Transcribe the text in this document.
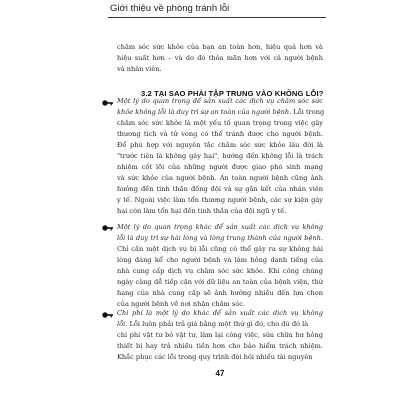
Giới thiệu về phòng tránh lỗi
chăm sóc sức khỏe của bạn an toàn hơn, hiệu quả hơn và
hiệu suất hơn – và do đó thỏa mãn hơn với cả người bệnh
và nhân viên.
3.2 TẠI SAO PHẢI TẬP TRUNG VÀO KHÔNG LỖI?
Một lý do quan trọng để sản xuất các dịch vụ chăm sóc sức
khỏe không lỗi là duy trì sự an toàn của người bệnh. Lỗi trong
chăm sóc sức khỏe là một yếu tố quan trọng trong việc gây
thương tích và tử vong có thể tránh được cho người bệnh.
Để phù hợp với nguyên tắc chăm sóc sức khỏe lâu đời là
"trước tiên là không gây hại", hướng đến không lỗi là trách
nhiệm cốt lõi của những người được giao phó sinh mạng
và sức khỏe của người bệnh. An toàn người bệnh cũng ảnh
hưởng đến tinh thần đồng đội và sự gắn kết của nhân viên
y tế. Ngoài việc làm tổn thương người bệnh, các sự kiện gây
hại còn làm tổn hại đến tinh thần của đội ngũ y tế.
Một lý do quan trọng khác để sản xuất các dịch vụ không
lỗi là duy trì sự hài lòng và lòng trung thành của người bệnh.
Chỉ cần một dịch vụ bị lỗi cũng có thể gây ra sự không hài
lòng đáng kể cho người bệnh và làm hỏng danh tiếng của
nhà cung cấp dịch vụ chăm sóc sức khỏe. Khi công chúng
ngày càng dễ tiếp cận với dữ liệu an toàn của bệnh viện, thứ
hạng của nhà cung cấp sẽ ảnh hưởng nhiều đến lựa chọn
của người bệnh về nơi nhận chăm sóc.
Chi phí là một lý do khác để sản xuất các dịch vụ không
lỗi. Lỗi luôn phải trả giá bằng một thứ gì đó, cho dù đó là
chi phí vật tư bỏ vật tư, làm lại công việc, sửa chữa hư hỏng
thiết bị hay trả nhiều tiền hơn cho bảo hiểm trách nhiệm.
Khắc phục các lỗi trong quy trình đòi hỏi nhiều tài nguyên
47
